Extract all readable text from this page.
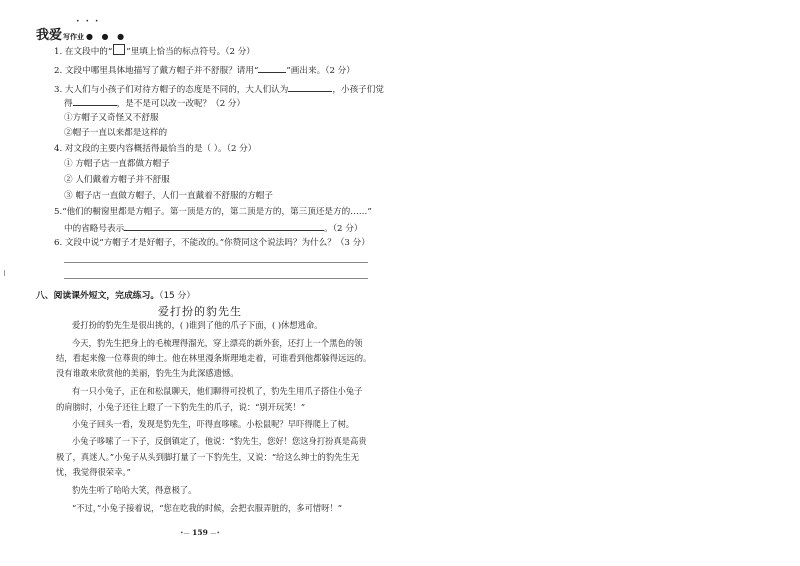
• • •
我爱写作业 ● ● ●
1. 在文段中的“ ”里填上恰当的标点符号。（2 分）
2. 文段中哪里具体地描写了戴方帽子并不舒服？请用“	”画出来。（2 分）
3. 大人们与小孩子们对待方帽子的态度是不同的，大人们认为	，小孩子们觉
得	，是不是可以改一改呢？（2 分）
①方帽子又奇怪又不舒服
②帽子一直以来都是这样的
4. 对文段的主要内容概括得最恰当的是（ ）。（2 分）
① 方帽子店一直都做方帽子
② 人们戴着方帽子并不舒服
③ 帽子店一直做方帽子，人们一直戴着不舒服的方帽子
5.“他们的橱窗里都是方帽子。第一顶是方的，第二顶是方的，第三顶还是方的……”
中的省略号表示	。（2 分）
6. 文段中说“方帽子才是好帽子，不能改的。”你赞同这个说法吗？为什么？（3 分）
八、阅读课外短文，完成练习。（15 分）
爱打扮的豹先生
爱打扮的豹先生是很出挑的，( )谁到了他的爪子下面，( )休想逃命。
今天，豹先生把身上的毛梳理得溜光，穿上漂亮的新外套，还打上一个黑色的领
结，看起来像一位尊贵的绅士。他在林里漫条斯理地走着，可谁看到他都躲得远远的。
没有谁敢来欣赏他的美丽，豹先生为此深感遗憾。
有一只小兔子，正在和松鼠聊天，他们聊得可投机了，豹先生用爪子搭住小兔子
的肩膀时，小兔子还往上瞪了一下豹先生的爪子，说：“别开玩笑！”
小兔子回头一看，发现是豹先生，吓得直哆嗦。小松鼠呢？早吓得爬上了树。
小兔子哆嗦了一下子，反倒镇定了，他说：“豹先生，您好！您这身打扮真是高贵
极了，真迷人。”小兔子从头到脚打量了一下豹先生，又说：“给这么绅士的豹先生无
忧，我觉得很荣幸。”
豹先生听了哈哈大笑，得意极了。
“不过，”小兔子接着说，“您在吃我的时候，会把衣服弄脏的，多可惜呀！”
•— 159 —•
